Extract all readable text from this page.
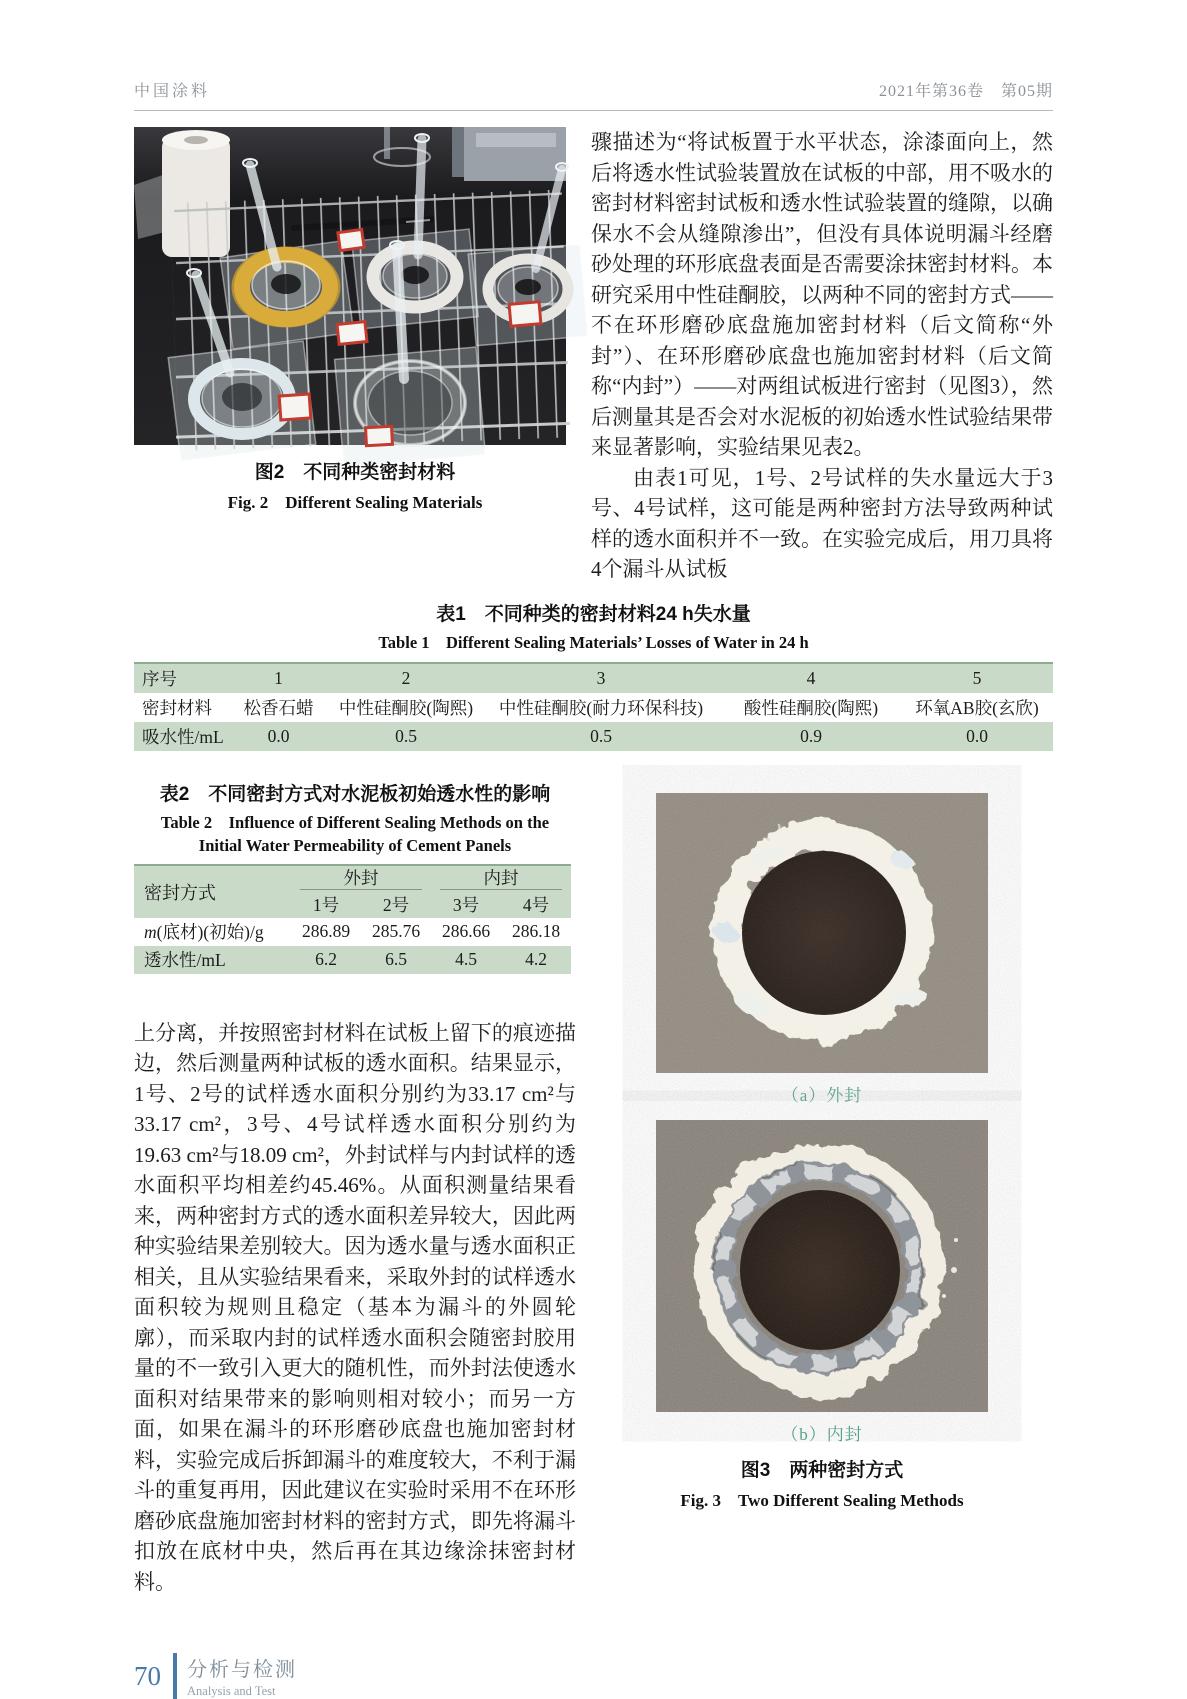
中国涂料	2021年第36卷　第05期
图2　不同种类密封材料
Fig. 2　Different Sealing Materials

骤描述为“将试板置于水平状态，涂漆面向上，然后将透水性试验装置放在试板的中部，用不吸水的密封材料密封试板和透水性试验装置的缝隙，以确保水不会从缝隙渗出”，但没有具体说明漏斗经磨砂处理的环形底盘表面是否需要涂抹密封材料。本研究采用中性硅酮胶，以两种不同的密封方式——不在环形磨砂底盘施加密封材料（后文简称“外封”）、在环形磨砂底盘也施加密封材料（后文简称“内封”）——对两组试板进行密封（见图3），然后测量其是否会对水泥板的初始透水性试验结果带来显著影响，实验结果见表2。

由表1可见，1号、2号试样的失水量远大于3号、4号试样，这可能是两种密封方法导致两种试样的透水面积并不一致。在实验完成后，用刀具将4个漏斗从试板

表1　不同种类的密封材料24 h失水量
Table 1　Different Sealing Materials’ Losses of Water in 24 h
序号	1	2	3	4	5
密封材料	松香石蜡	中性硅酮胶(陶熙)	中性硅酮胶(耐力环保科技)	酸性硅酮胶(陶熙)	环氧AB胶(玄欣)
吸水性/mL	0.0	0.5	0.5	0.9	0.0
表2　不同密封方式对水泥板初始透水性的影响
Table 2　Influence of Different Sealing Methods on the
Initial Water Permeability of Cement Panels
密封方式
外封	内封
1号	2号	3号	4号
m(底材)(初始)/g	286.89	285.76	286.66	286.18
透水性/mL	6.2	6.5	4.5	4.2
上分离，并按照密封材料在试板上留下的痕迹描边，然后测量两种试板的透水面积。结果显示，1号、2号的试样透水面积分别约为33.17 cm²与33.17 cm²，3号、4号试样透水面积分别约为19.63 cm²与18.09 cm²，外封试样与内封试样的透水面积平均相差约45.46%。从面积测量结果看来，两种密封方式的透水面积差异较大，因此两种实验结果差别较大。因为透水量与透水面积正相关，且从实验结果看来，采取外封的试样透水面积较为规则且稳定（基本为漏斗的外圆轮廓），而采取内封的试样透水面积会随密封胶用量的不一致引入更大的随机性，而外封法使透水面积对结果带来的影响则相对较小；而另一方面，如果在漏斗的环形磨砂底盘也施加密封材料，实验完成后拆卸漏斗的难度较大，不利于漏斗的重复再用，因此建议在实验时采用不在环形磨砂底盘施加密封材料的密封方式，即先将漏斗扣放在底材中央，然后再在其边缘涂抹密封材料。
（a）外封
（b）内封
图3　两种密封方式
Fig. 3　Two Different Sealing Methods
70 分析与检测
Analysis and Test
